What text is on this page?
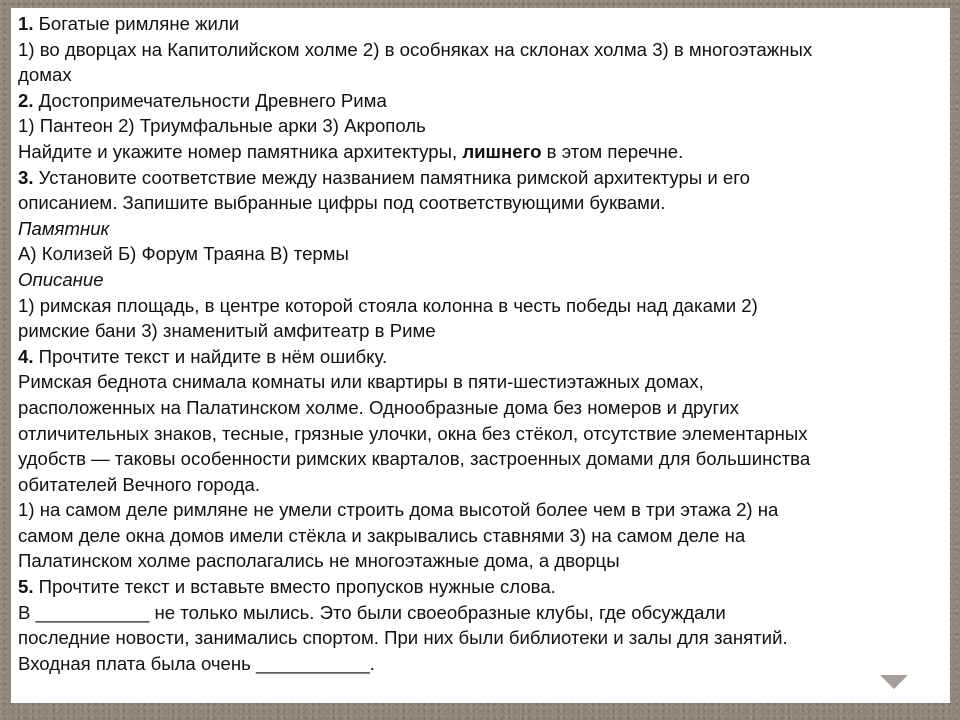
1. Богатые римляне жили
1) во дворцах на Капитолийском холме 2) в особняках на склонах холма 3) в многоэтажных
домах
2. Достопримечательности Древнего Рима
1) Пантеон 2) Триумфальные арки 3) Акрополь
Найдите и укажите номер памятника архитектуры, лишнего в этом перечне.
3. Установите соответствие между названием памятника римской архитектуры и его
описанием. Запишите выбранные цифры под соответствующими буквами.
Памятник
А) Колизей Б) Форум Траяна В) термы
Описание
1) римская площадь, в центре которой стояла колонна в честь победы над даками 2)
римские бани 3) знаменитый амфитеатр в Риме
4. Прочтите текст и найдите в нём ошибку.
Римская беднота снимала комнаты или квартиры в пяти-шестиэтажных домах,
расположенных на Палатинском холме. Однообразные дома без номеров и других
отличительных знаков, тесные, грязные улочки, окна без стёкол, отсутствие элементарных
удобств — таковы особенности римских кварталов, застроенных домами для большинства
обитателей Вечного города.
1) на самом деле римляне не умели строить дома высотой более чем в три этажа 2) на
самом деле окна домов имели стёкла и закрывались ставнями 3) на самом деле на
Палатинском холме располагались не многоэтажные дома, а дворцы
5. Прочтите текст и вставьте вместо пропусков нужные слова.
В ___________ не только мылись. Это были своеобразные клубы, где обсуждали
последние новости, занимались спортом. При них были библиотеки и залы для занятий.
Входная плата была очень ___________.
